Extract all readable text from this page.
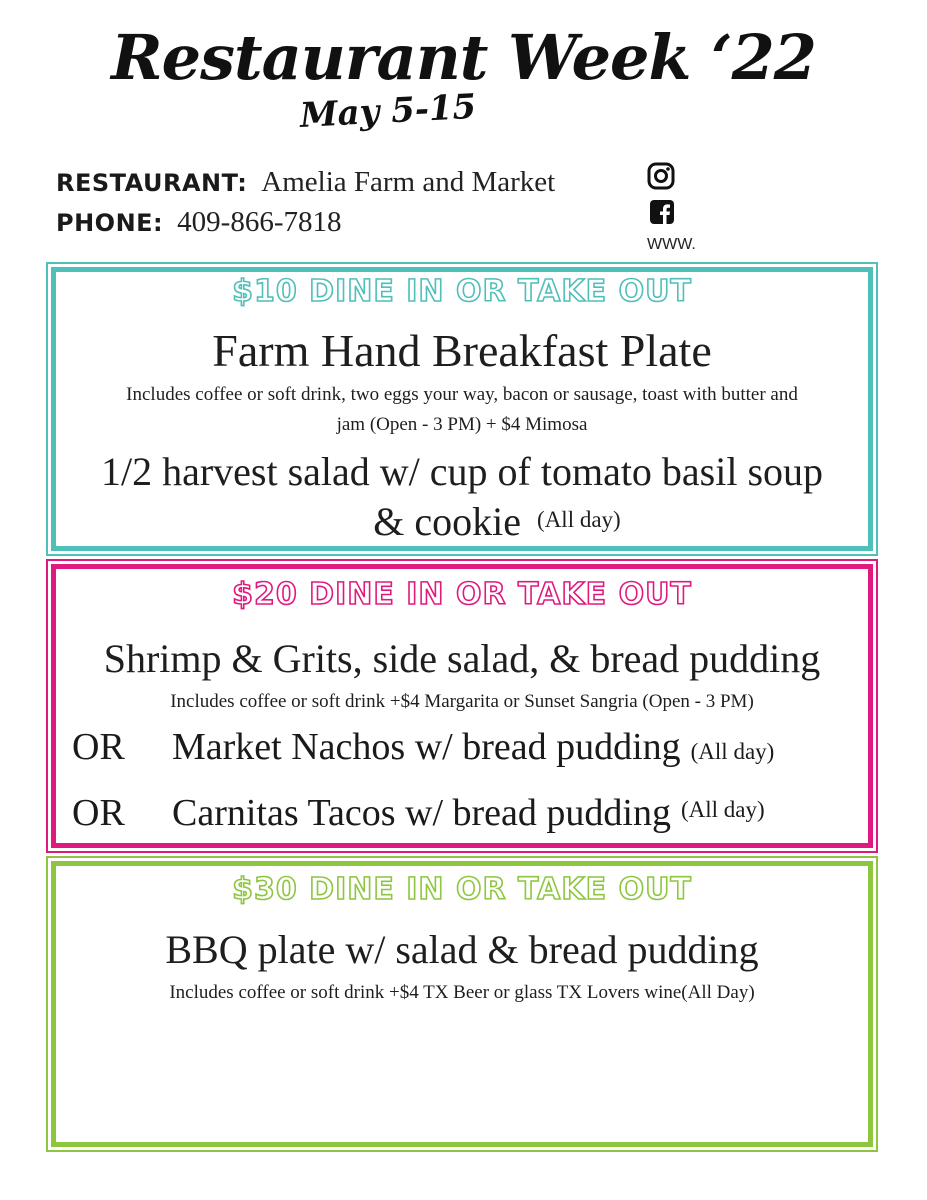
Restaurant Week ‘22
May 5-15
RESTAURANT: Amelia Farm and Market
PHONE: 409-866-7818
WWW.
$10 DINE IN OR TAKE OUT
Farm Hand Breakfast Plate
Includes coffee or soft drink, two eggs your way, bacon or sausage, toast with butter and
jam (Open - 3 PM) + $4 Mimosa
1/2 harvest salad w/ cup of tomato basil soup
& cookie $^{(All day)}$
$20 DINE IN OR TAKE OUT
Shrimp & Grits, side salad, & bread pudding
Includes coffee or soft drink +$4 Margarita or Sunset Sangria (Open - 3 PM)
OR Market Nachos w/ bread pudding (All day)
OR Carnitas Tacos w/ bread pudding $^{(All day)}$
$30 DINE IN OR TAKE OUT
BBQ plate w/ salad & bread pudding
Includes coffee or soft drink +$4 TX Beer or glass TX Lovers wine(All Day)
